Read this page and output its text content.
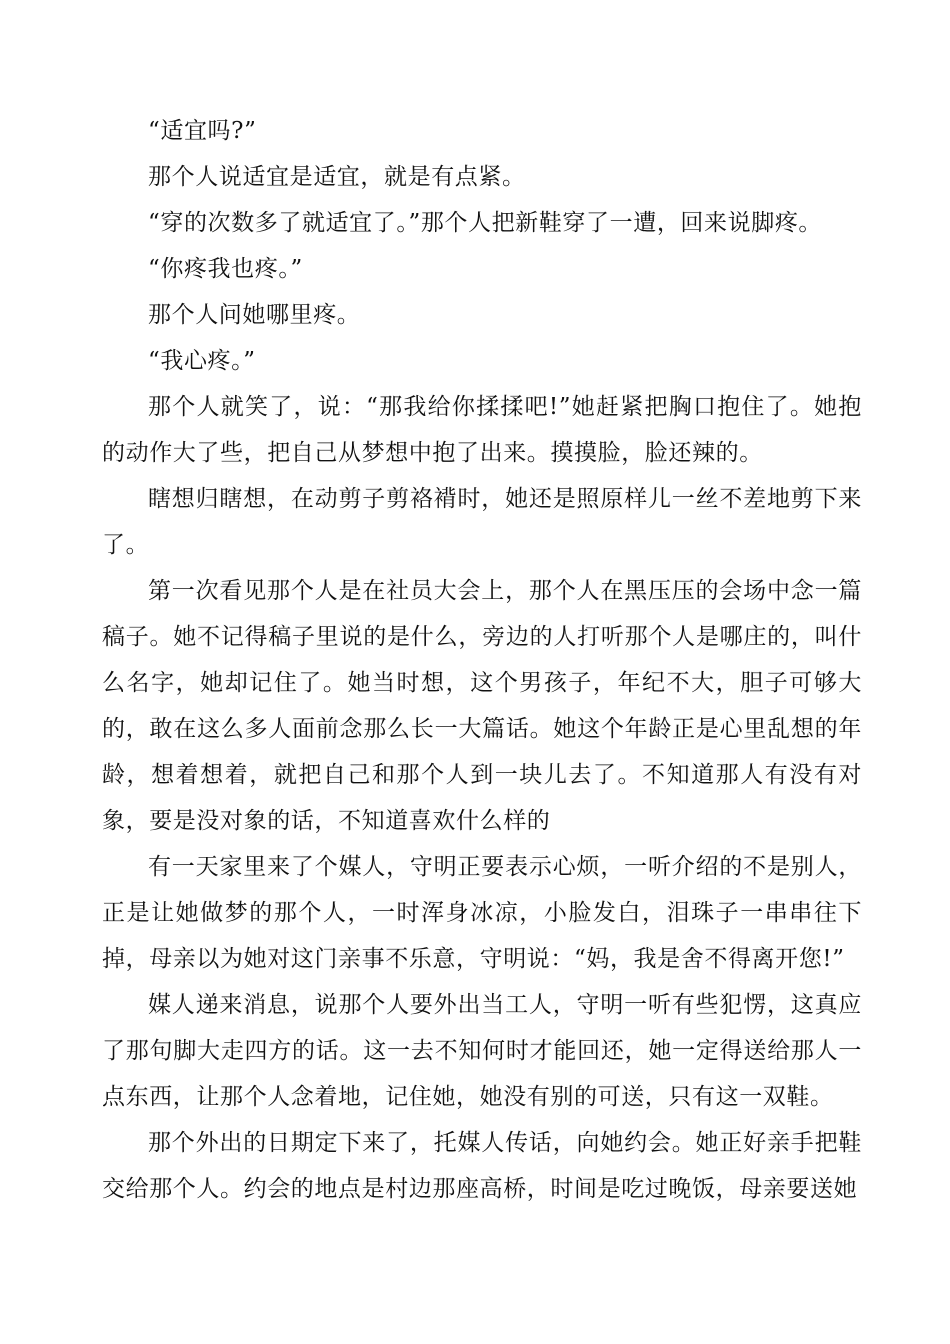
“适宜吗?”

那个人说适宜是适宜，就是有点紧。

“穿的次数多了就适宜了。”那个人把新鞋穿了一遭，回来说脚疼。

“你疼我也疼。”

那个人问她哪里疼。

“我心疼。”

那个人就笑了，说：“那我给你揉揉吧!”她赶紧把胸口抱住了。她抱的动作大了些，把自己从梦想中抱了出来。摸摸脸，脸还辣的。

瞎想归瞎想，在动剪子剪袼褙时，她还是照原样儿一丝不差地剪下来了。

第一次看见那个人是在社员大会上，那个人在黑压压的会场中念一篇稿子。她不记得稿子里说的是什么，旁边的人打听那个人是哪庄的，叫什么名字，她却记住了。她当时想，这个男孩子，年纪不大，胆子可够大的，敢在这么多人面前念那么长一大篇话。她这个年龄正是心里乱想的年龄，想着想着，就把自己和那个人到一块儿去了。不知道那人有没有对象，要是没对象的话，不知道喜欢什么样的

有一天家里来了个媒人，守明正要表示心烦，一听介绍的不是别人，正是让她做梦的那个人，一时浑身冰凉，小脸发白，泪珠子一串串往下掉，母亲以为她对这门亲事不乐意，守明说：“妈，我是舍不得离开您!”

媒人递来消息，说那个人要外出当工人，守明一听有些犯愣，这真应了那句脚大走四方的话。这一去不知何时才能回还，她一定得送给那人一点东西，让那个人念着地，记住她，她没有别的可送，只有这一双鞋。

那个外出的日期定下来了，托媒人传话，向她约会。她正好亲手把鞋交给那个人。约会的地点是村边那座高桥，时间是吃过晚饭，母亲要送她
